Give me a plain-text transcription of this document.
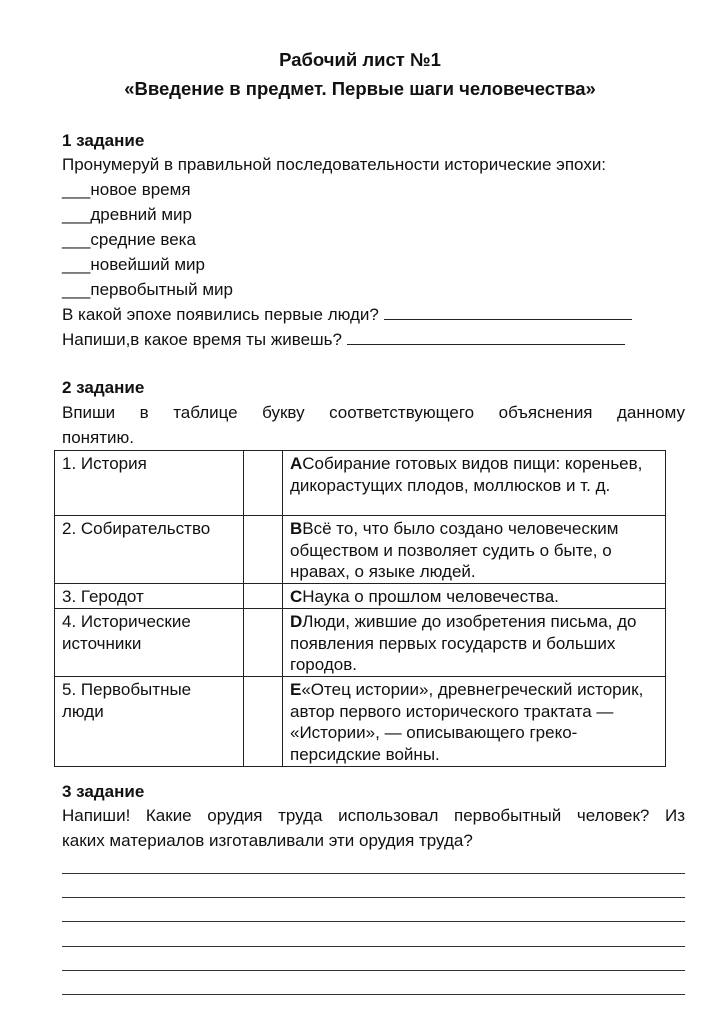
Рабочий лист №1
«Введение в предмет. Первые шаги человечества»
1 задание
Пронумеруй в правильной последовательности исторические эпохи:
___новое время
___древний мир
___средние века
___новейший мир
___первобытный мир
В какой эпохе появились первые люди?
Напиши,в какое время ты живешь?
2 задание
Впиши в таблице букву соответствующего объяснения данному
понятию.
1. История		AСобирание готовых видов пищи: кореньев, дикорастущих плодов, моллюсков и т. д.
2. Собирательство		BВсё то, что было создано человеческим обществом и позволяет судить о быте, о нравах, о языке людей.
3. Геродот		CНаука о прошлом человечества.
4. Исторические источники		DЛюди, жившие до изобретения письма, до появления первых государств и больших городов.
5. Первобытные люди		E«Отец истории», древнегреческий историк, автор первого исторического трактата — «Истории», — описывающего греко-персидские войны.
3 задание
Напиши! Какие орудия труда использовал первобытный человек? Из
каких материалов изготавливали эти орудия труда?
